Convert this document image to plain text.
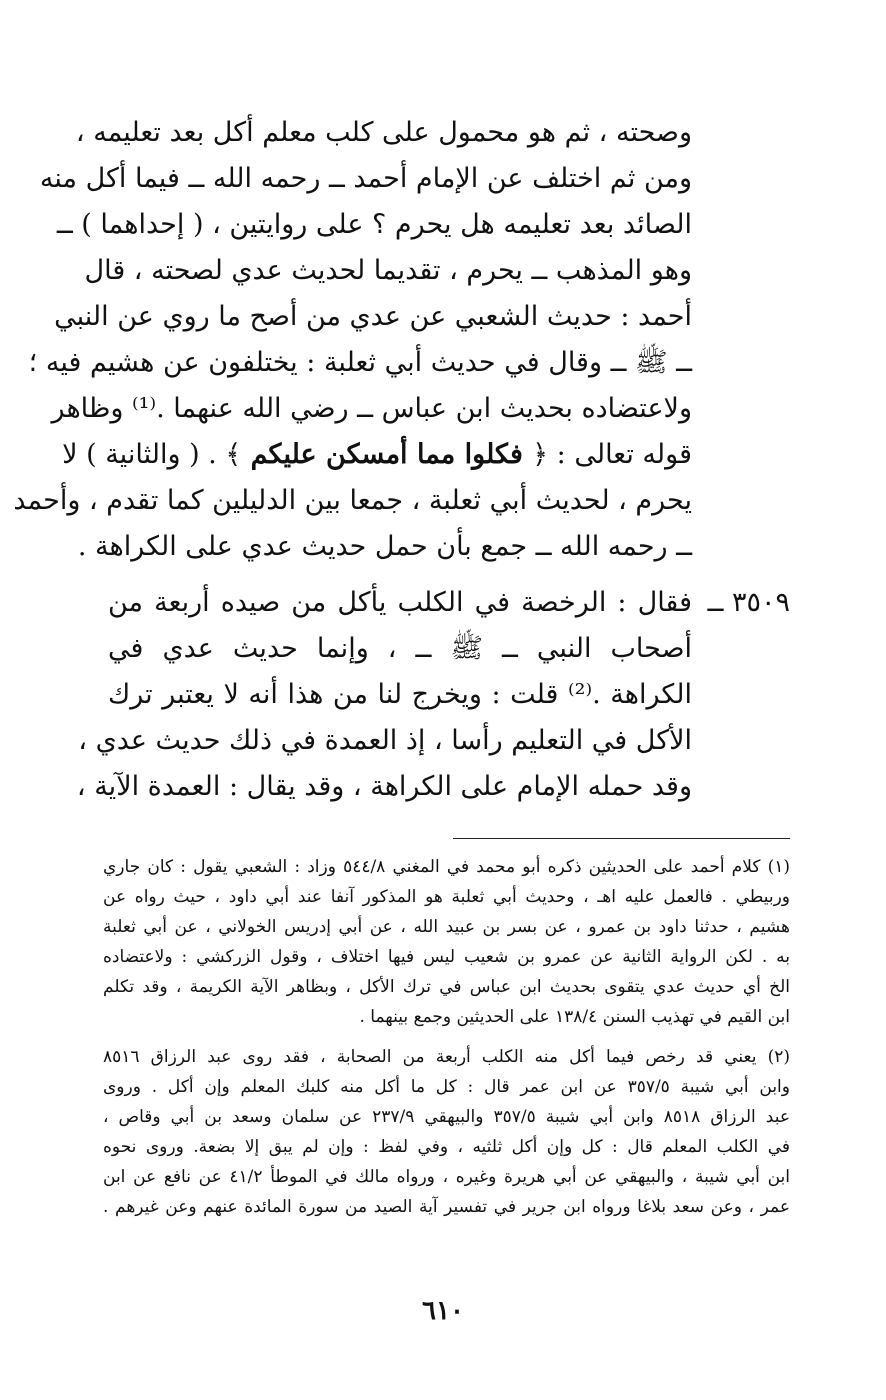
وصحته ، ثم هو محمول على كلب معلم أكل بعد تعليمه ،
ومن ثم اختلف عن الإمام أحمد ــ رحمه الله ــ فيما أكل منه
الصائد بعد تعليمه هل يحرم ؟ على روايتين ، ( إحداهما ) ــ
وهو المذهب ــ يحرم ، تقديما لحديث عدي لصحته ، قال
أحمد : حديث الشعبي عن عدي من أصح ما روي عن النبي
ــ ﷺ ــ وقال في حديث أبي ثعلبة : يختلفون عن هشيم فيه ؛
ولاعتضاده بحديث ابن عباس ــ رضي الله عنهما .⁽¹⁾ وظاهر
قوله تعالى : ﴿ فكلوا مما أمسكن عليكم ﴾ . ( والثانية ) لا
يحرم ، لحديث أبي ثعلبة ، جمعا بين الدليلين كما تقدم ، وأحمد
ــ رحمه الله ــ جمع بأن حمل حديث عدي على الكراهة .
٣٥٠٩ ــ
فقال : الرخصة في الكلب يأكل من صيده أربعة من
أصحاب النبي ــ ﷺ ــ ، وإنما حديث عدي في
الكراهة .⁽²⁾ قلت : ويخرج لنا من هذا أنه لا يعتبر ترك
الأكل في التعليم رأسا ، إذ العمدة في ذلك حديث عدي ،
وقد حمله الإمام على الكراهة ، وقد يقال : العمدة الآية ،
(١) كلام أحمد على الحديثين ذكره أبو محمد في المغني ٥٤٤/٨ وزاد : الشعبي يقول : كان جاري
وربيطي . فالعمل عليه اهـ ، وحديث أبي ثعلبة هو المذكور آنفا عند أبي داود ، حيث رواه عن
هشيم ، حدثنا داود بن عمرو ، عن بسر بن عبيد الله ، عن أبي إدريس الخولاني ، عن أبي ثعلبة
به . لكن الرواية الثانية عن عمرو بن شعيب ليس فيها اختلاف ، وقول الزركشي : ولاعتضاده
الخ أي حديث عدي يتقوى بحديث ابن عباس في ترك الأكل ، وبظاهر الآية الكريمة ، وقد تكلم
ابن القيم في تهذيب السنن ١٣٨/٤ على الحديثين وجمع بينهما .
(٢) يعني قد رخص فيما أكل منه الكلب أربعة من الصحابة ، فقد روى عبد الرزاق ٨٥١٦
وابن أبي شيبة ٣٥٧/٥ عن ابن عمر قال : كل ما أكل منه كلبك المعلم وإن أكل . وروى
عبد الرزاق ٨٥١٨ وابن أبي شيبة ٣٥٧/٥ والبيهقي ٢٣٧/٩ عن سلمان وسعد بن أبي وقاص ،
في الكلب المعلم قال : كل وإن أكل ثلثيه ، وفي لفظ : وإن لم يبق إلا بضعة. وروى نحوه
ابن أبي شيبة ، والبيهقي عن أبي هريرة وغيره ، ورواه مالك في الموطأ ٤١/٢ عن نافع عن ابن
عمر ، وعن سعد بلاغا ورواه ابن جرير في تفسير آية الصيد من سورة المائدة عنهم وعن غيرهم .
٦١٠
